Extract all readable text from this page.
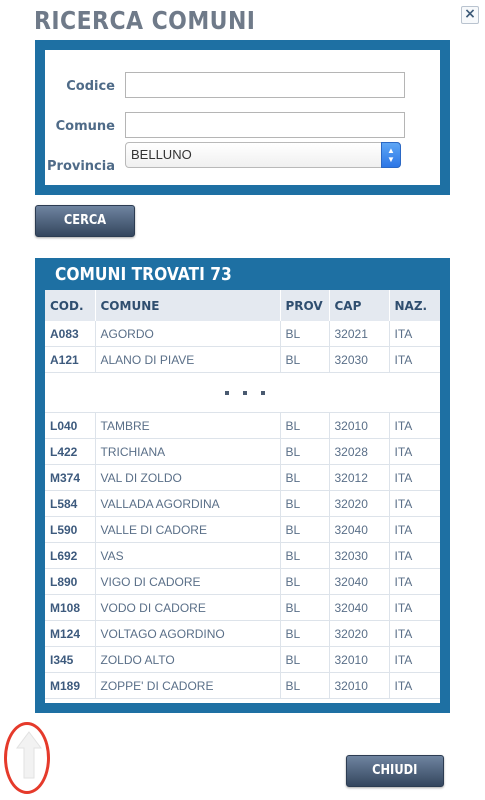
RICERCA COMUNI	×
Codice
Comune
Provincia
BELLUNO	▲
▼
CERCA
COMUNI TROVATI 73
COD.	COMUNE	PROV	CAP	NAZ.
A083	AGORDO	BL	32021	ITA
A121	ALANO DI PIAVE	BL	32030	ITA

L040	TAMBRE	BL	32010	ITA
L422	TRICHIANA	BL	32028	ITA
M374	VAL DI ZOLDO	BL	32012	ITA
L584	VALLADA AGORDINA	BL	32020	ITA
L590	VALLE DI CADORE	BL	32040	ITA
L692	VAS	BL	32030	ITA
L890	VIGO DI CADORE	BL	32040	ITA
M108	VODO DI CADORE	BL	32040	ITA
M124	VOLTAGO AGORDINO	BL	32020	ITA
I345	ZOLDO ALTO	BL	32010	ITA
M189	ZOPPE' DI CADORE	BL	32010	ITA
CHIUDI
